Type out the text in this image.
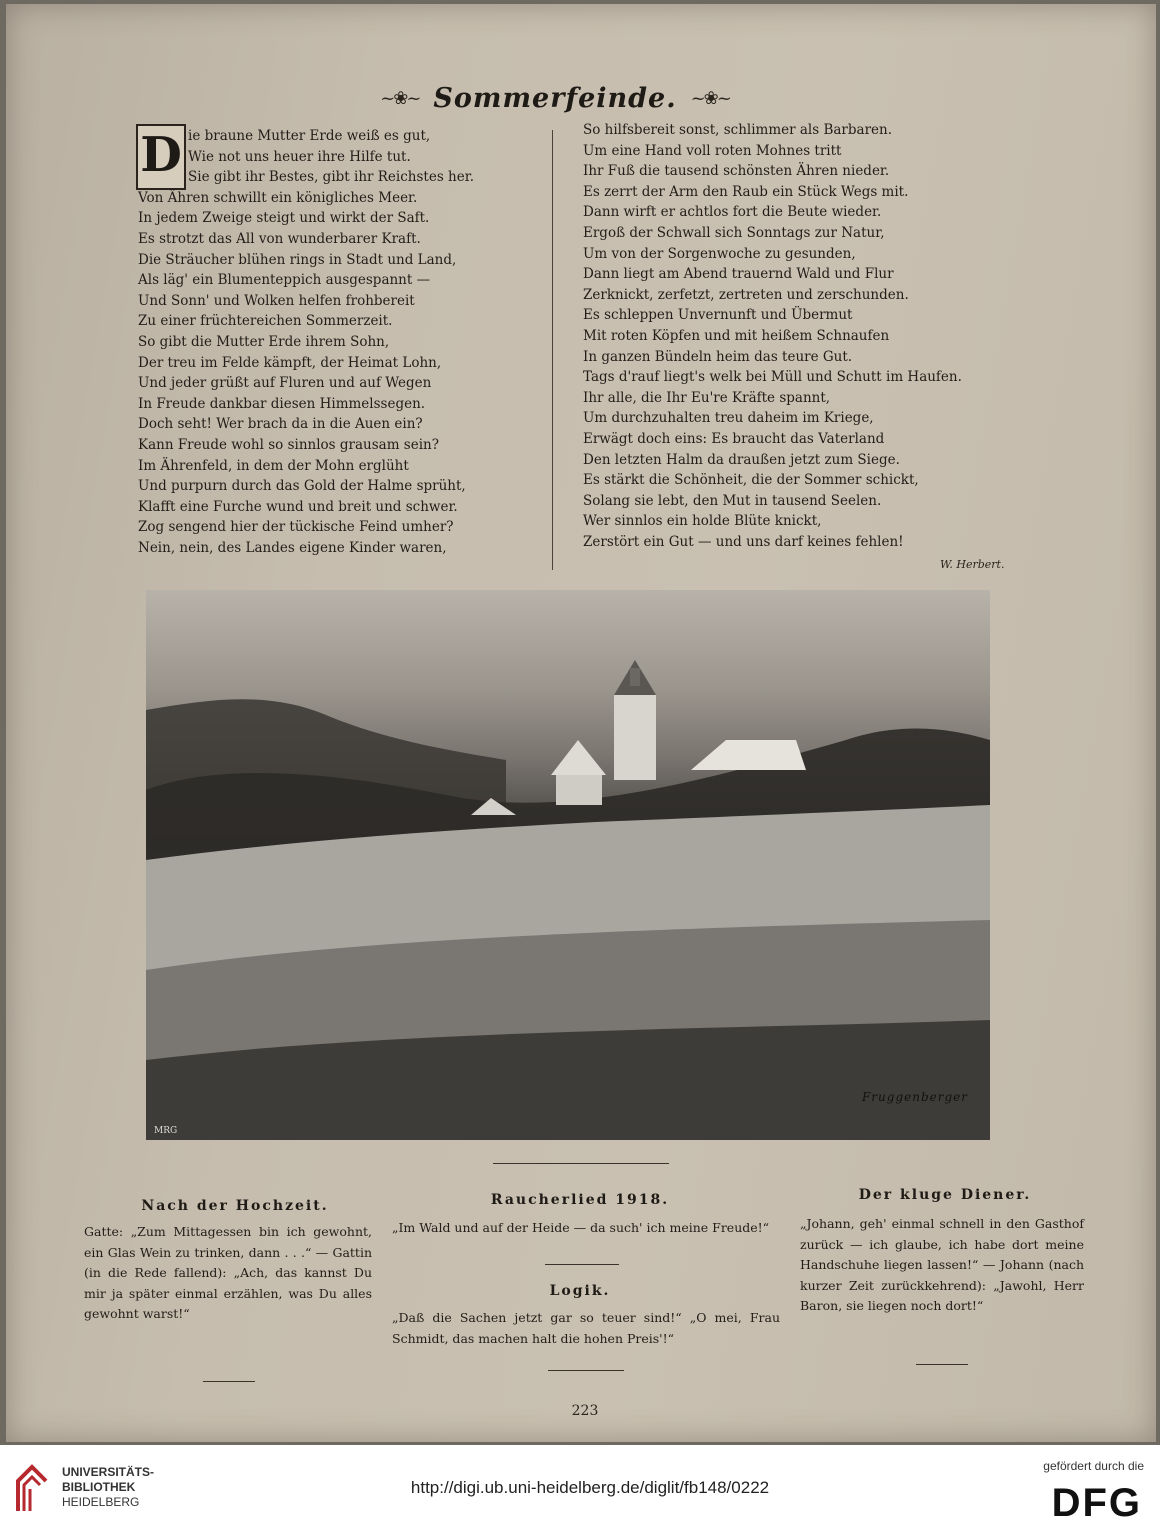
~❀~ Sommerfeinde. ~❀~
D ie braune Mutter Erde weiß es gut,
Wie not uns heuer ihre Hilfe tut.
Sie gibt ihr Bestes, gibt ihr Reichstes her.
Von Ähren schwillt ein königliches Meer.
In jedem Zweige steigt und wirkt der Saft.
Es strotzt das All von wunderbarer Kraft.
Die Sträucher blühen rings in Stadt und Land,
Als läg' ein Blumenteppich ausgespannt —
Und Sonn' und Wolken helfen frohbereit
Zu einer früchtereichen Sommerzeit.
So gibt die Mutter Erde ihrem Sohn,
Der treu im Felde kämpft, der Heimat Lohn,
Und jeder grüßt auf Fluren und auf Wegen
In Freude dankbar diesen Himmelssegen.
Doch seht! Wer brach da in die Auen ein?
Kann Freude wohl so sinnlos grausam sein?
Im Ährenfeld, in dem der Mohn erglüht
Und purpurn durch das Gold der Halme sprüht,
Klafft eine Furche wund und breit und schwer.
Zog sengend hier der tückische Feind umher?
Nein, nein, des Landes eigene Kinder waren,
So hilfsbereit sonst, schlimmer als Barbaren.
Um eine Hand voll roten Mohnes tritt
Ihr Fuß die tausend schönsten Ähren nieder.
Es zerrt der Arm den Raub ein Stück Wegs mit.
Dann wirft er achtlos fort die Beute wieder.
Ergoß der Schwall sich Sonntags zur Natur,
Um von der Sorgenwoche zu gesunden,
Dann liegt am Abend trauernd Wald und Flur
Zerknickt, zerfetzt, zertreten und zerschunden.
Es schleppen Unvernunft und Übermut
Mit roten Köpfen und mit heißem Schnaufen
In ganzen Bündeln heim das teure Gut.
Tags d'rauf liegt's welk bei Müll und Schutt im Haufen.
Ihr alle, die Ihr Eu're Kräfte spannt,
Um durchzuhalten treu daheim im Kriege,
Erwägt doch eins: Es braucht das Vaterland
Den letzten Halm da draußen jetzt zum Siege.
Es stärkt die Schönheit, die der Sommer schickt,
Solang sie lebt, den Mut in tausend Seelen.
Wer sinnlos ein holde Blüte knickt,
Zerstört ein Gut — und uns darf keines fehlen!
W. Herbert.
Fruggenberger
MRG
Nach der Hochzeit.
Gatte: „Zum Mittagessen bin ich gewohnt, ein Glas Wein zu trinken, dann . . .“ — Gattin (in die Rede fallend): „Ach, das kannst Du mir ja später einmal erzählen, was Du alles gewohnt warst!“
Raucherlied 1918.
„Im Wald und auf der Heide — da such' ich meine Freude!“
Logik.
„Daß die Sachen jetzt gar so teuer sind!“ „O mei, Frau Schmidt, das machen halt die hohen Preis'!“
Der kluge Diener.
„Johann, geh' einmal schnell in den Gasthof zurück — ich glaube, ich habe dort meine Handschuhe liegen lassen!“ — Johann (nach kurzer Zeit zurückkehrend): „Jawohl, Herr Baron, sie liegen noch dort!“
223
UNIVERSITÄTS-
BIBLIOTHEK
HEIDELBERG
http://digi.ub.uni-heidelberg.de/diglit/fb148/0222
gefördert durch die
DFG
